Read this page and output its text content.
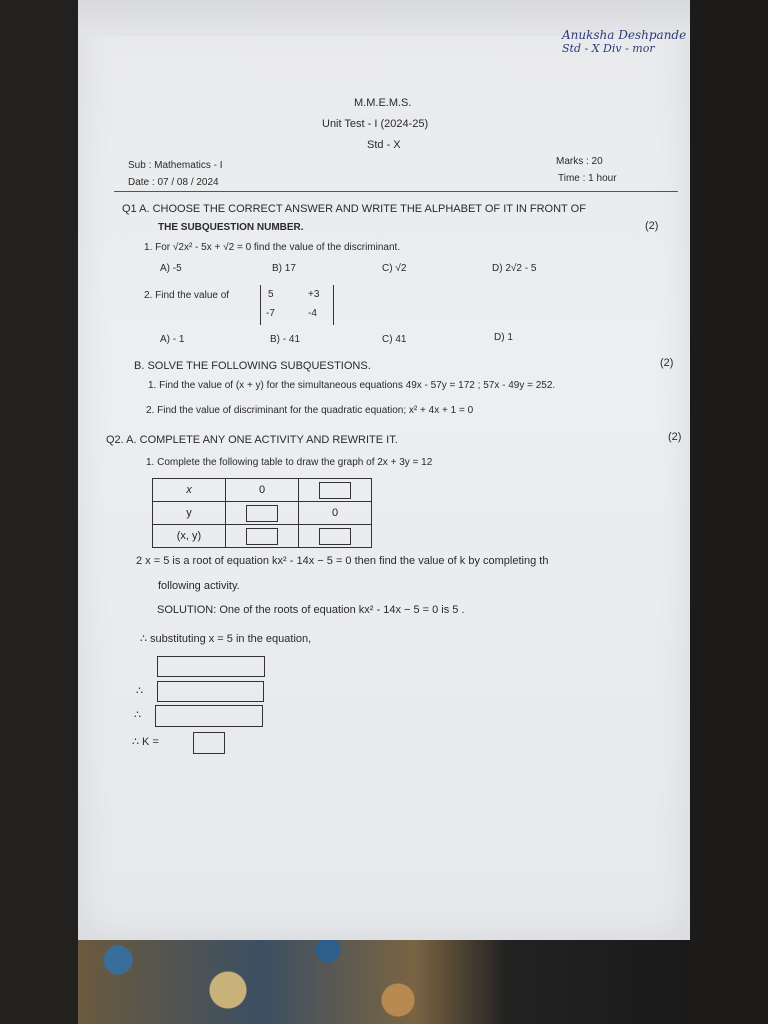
Anuksha Deshpande
Std - X Div - mor
M.M.E.M.S.
Unit Test - I (2024-25)
Std - X
Sub : Mathematics - I
Date : 07 / 08 / 2024
Marks : 20
Time : 1 hour
Q1 A. CHOOSE THE CORRECT ANSWER AND WRITE THE ALPHABET OF IT IN FRONT OF
THE SUBQUESTION NUMBER.	(2)
1. For √2x² - 5x + √2 = 0 find the value of the discriminant.
A) -5	B) 17	C) √2	D) 2√2 - 5
2. Find the value of	5	+3
-7	-4
A) - 1	B) - 41	C) 41	D) 1
B. SOLVE THE FOLLOWING SUBQUESTIONS.	(2)
1. Find the value of (x + y) for the simultaneous equations 49x - 57y = 172 ; 57x - 49y = 252.
2. Find the value of discriminant for the quadratic equation; x² + 4x + 1 = 0
Q2. A. COMPLETE ANY ONE ACTIVITY AND REWRITE IT.	(2)
1. Complete the following table to draw the graph of 2x + 3y = 12
x	0	
y		0
(x, y)		
2 x = 5 is a root of equation kx² - 14x − 5 = 0 then find the value of k by completing th
following activity.
SOLUTION: One of the roots of equation kx² - 14x − 5 = 0 is 5 .
∴ substituting x = 5 in the equation,
∴
∴
∴ K =
